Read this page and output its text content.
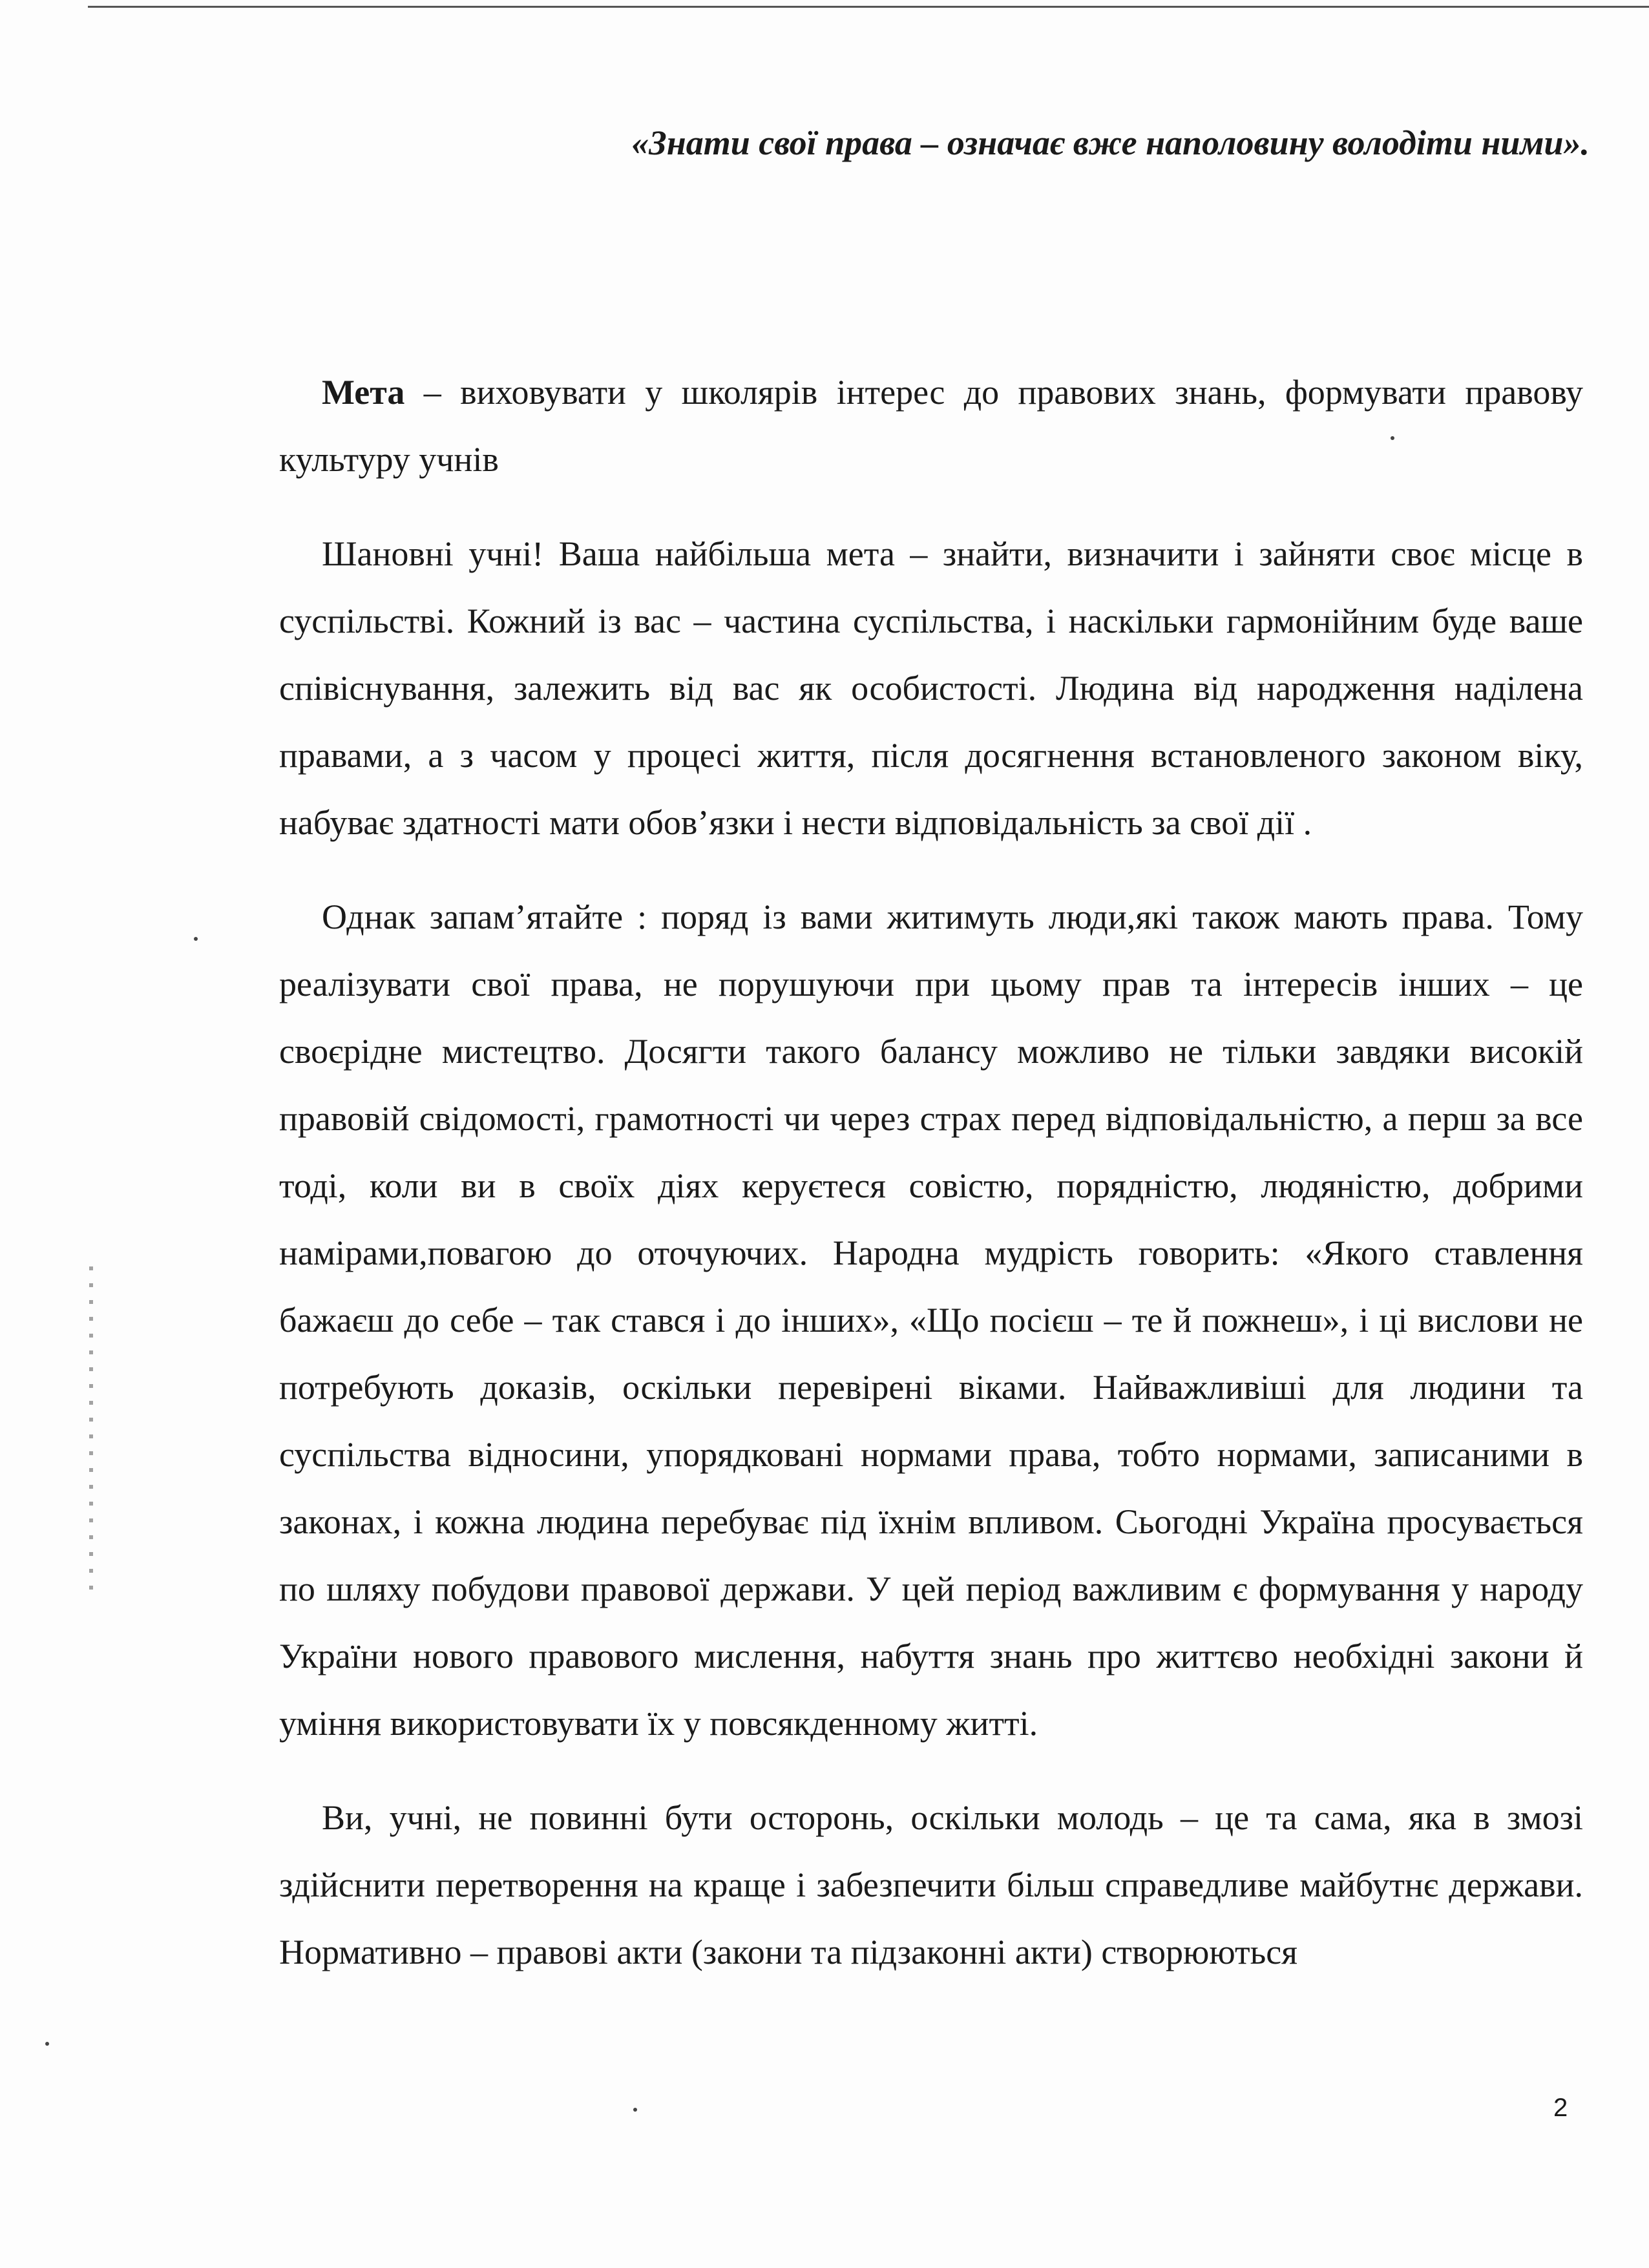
«Знати свої права – означає вже наполовину володіти ними».

Мета – виховувати у школярів інтерес до правових знань, формувати правову культуру учнів

Шановні учні! Ваша найбільша мета – знайти, визначити і зайняти своє місце в суспільстві. Кожний із вас – частина суспільства, і наскільки гармонійним буде ваше співіснування, залежить від вас як особистості. Людина від народження наділена правами, а з часом у процесі життя, після досягнення встановленого законом віку, набуває здатності мати обов’язки і нести відповідальність за свої дії .

Однак запам’ятайте : поряд із вами житимуть люди,які також мають права. Тому реалізувати свої права, не порушуючи при цьому прав та інтересів інших – це своєрідне мистецтво. Досягти такого балансу можливо не тільки завдяки високій правовій свідомості, грамотності чи через страх перед відповідальністю, а перш за все тоді, коли ви в своїх діях керуєтеся совістю, порядністю, людяністю, добрими намірами,повагою до оточуючих. Народна мудрість говорить: «Якого ставлення бажаєш до себе – так стався і до інших», «Що посієш – те й пожнеш», і ці вислови не потребують доказів, оскільки перевірені віками. Найважливіші для людини та суспільства відносини, упорядковані нормами права, тобто нормами, записаними в законах, і кожна людина перебуває під їхнім впливом. Сьогодні Україна просувається по шляху побудови правової держави. У цей період важливим є формування у народу України нового правового мислення, набуття знань про життєво необхідні закони й уміння використовувати їх у повсякденному житті.

Ви, учні, не повинні бути осторонь, оскільки молодь – це та сама, яка в змозі здійснити перетворення на краще і забезпечити більш справедливе майбутнє держави. Нормативно – правові акти (закони та підзаконні акти) створюються

2
